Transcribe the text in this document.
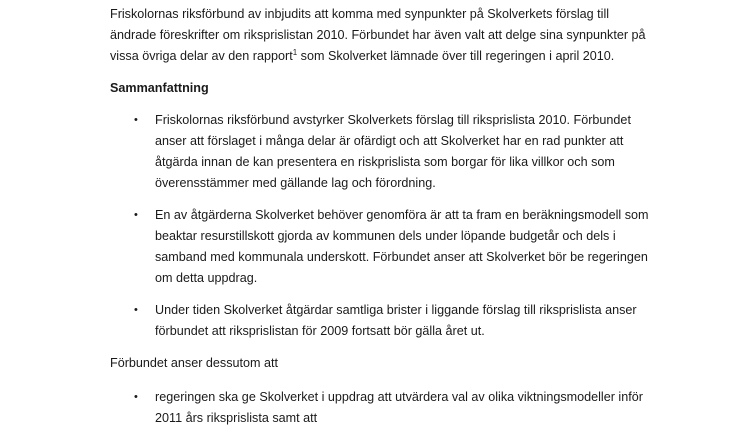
Friskolornas riksförbund av inbjudits att komma med synpunkter på Skolverkets förslag till
ändrade föreskrifter om riksprislistan 2010. Förbundet har även valt att delge sina synpunkter på
vissa övriga delar av den rapport$^1$ som Skolverket lämnade över till regeringen i april 2010.

Sammanfattning

• Friskolornas riksförbund avstyrker Skolverkets förslag till riksprislista 2010. Förbundet
anser att förslaget i många delar är ofärdigt och att Skolverket har en rad punkter att
åtgärda innan de kan presentera en riskprislista som borgar för lika villkor och som
överensstämmer med gällande lag och förordning.
• En av åtgärderna Skolverket behöver genomföra är att ta fram en beräkningsmodell som
beaktar resurstillskott gjorda av kommunen dels under löpande budgetår och dels i
samband med kommunala underskott. Förbundet anser att Skolverket bör be regeringen
om detta uppdrag.
• Under tiden Skolverket åtgärdar samtliga brister i liggande förslag till riksprislista anser
förbundet att riksprislistan för 2009 fortsatt bör gälla året ut.

Förbundet anser dessutom att

• regeringen ska ge Skolverket i uppdrag att utvärdera val av olika viktningsmodeller inför
2011 års riksprislista samt att
